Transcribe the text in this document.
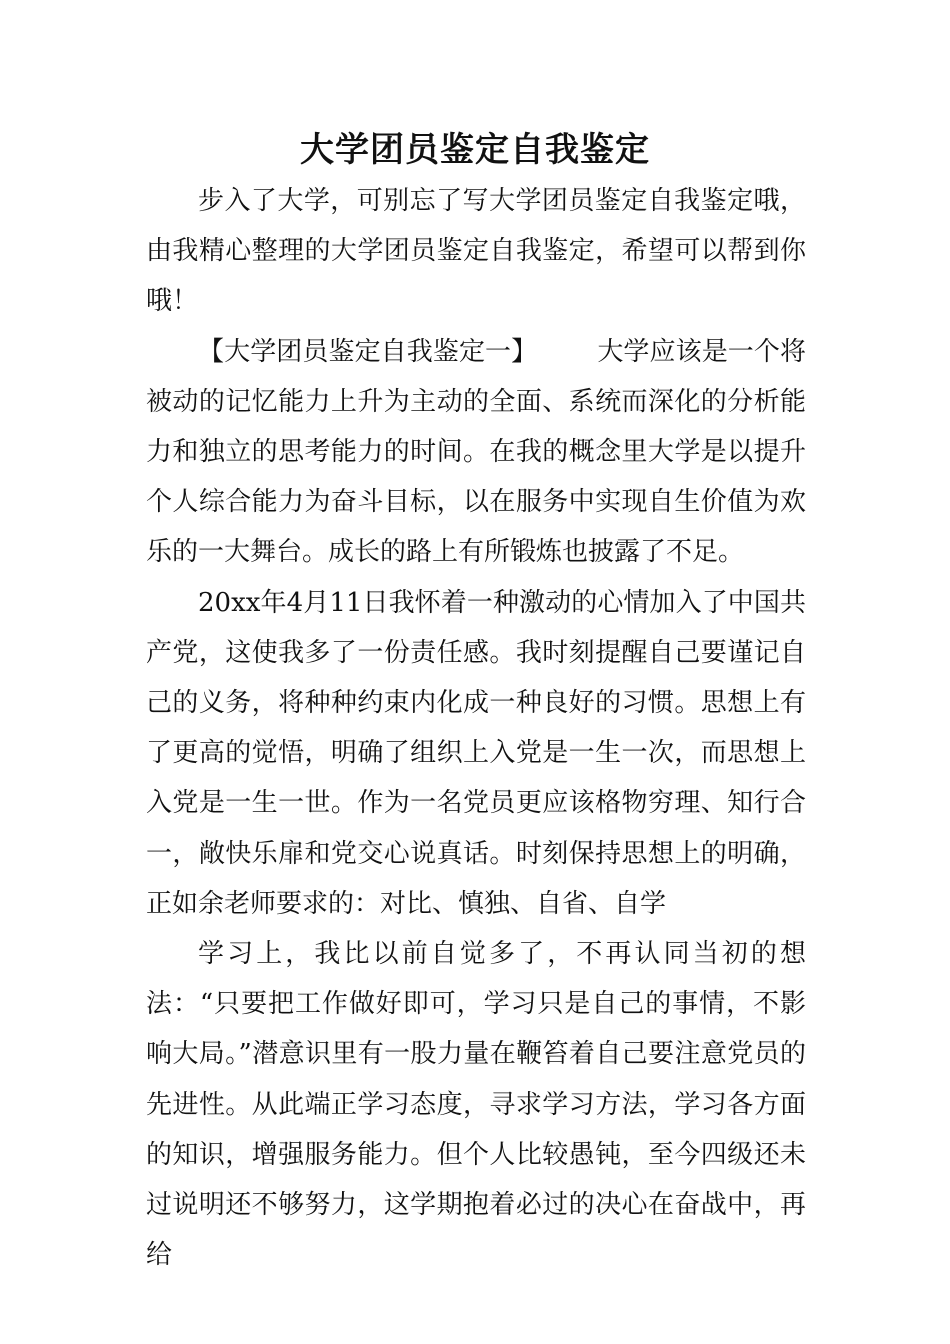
大学团员鉴定自我鉴定

步入了大学，可别忘了写大学团员鉴定自我鉴定哦，由我精心整理的大学团员鉴定自我鉴定，希望可以帮到你哦！

【大学团员鉴定自我鉴定一】 大学应该是一个将被动的记忆能力上升为主动的全面、系统而深化的分析能力和独立的思考能力的时间。在我的概念里大学是以提升个人综合能力为奋斗目标，以在服务中实现自生价值为欢乐的一大舞台。成长的路上有所锻炼也披露了不足。

20xx年4月11日我怀着一种激动的心情加入了中国共产党，这使我多了一份责任感。我时刻提醒自己要谨记自己的义务，将种种约束内化成一种良好的习惯。思想上有了更高的觉悟，明确了组织上入党是一生一次，而思想上入党是一生一世。作为一名党员更应该格物穷理、知行合一，敞快乐扉和党交心说真话。时刻保持思想上的明确，正如余老师要求的：对比、慎独、自省、自学

学习上，我比以前自觉多了，不再认同当初的想法：“只要把工作做好即可，学习只是自己的事情，不影响大局。”潜意识里有一股力量在鞭笞着自己要注意党员的先进性。从此端正学习态度，寻求学习方法，学习各方面的知识，增强服务能力。但个人比较愚钝，至今四级还未过说明还不够努力，这学期抱着必过的决心在奋战中，再给
